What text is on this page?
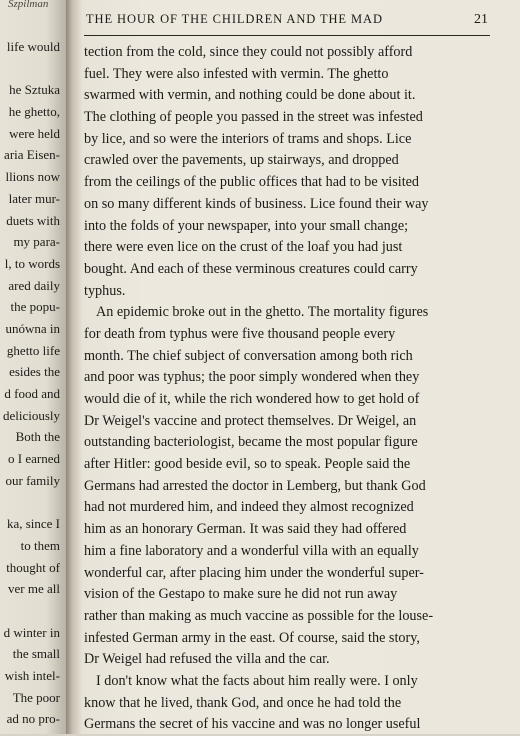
Szpilman
life would
he Sztuka
he ghetto,
were held
aria Eisen-
llions now
later mur-
duets with
my para-
l, to words
ared daily
the popu-
unówna in
ghetto life
esides the
d food and
deliciously
Both the
o I earned
our family
ka, since I
to them
thought of
ver me all
d winter in
the small
wish intel-
The poor
ad no pro-
THE HOUR OF THE CHILDREN AND THE MAD	21
tection from the cold, since they could not possibly afford
fuel. They were also infested with vermin. The ghetto
swarmed with vermin, and nothing could be done about it.
The clothing of people you passed in the street was infested
by lice, and so were the interiors of trams and shops. Lice
crawled over the pavements, up stairways, and dropped
from the ceilings of the public offices that had to be visited
on so many different kinds of business. Lice found their way
into the folds of your newspaper, into your small change;
there were even lice on the crust of the loaf you had just
bought. And each of these verminous creatures could carry
typhus.
An epidemic broke out in the ghetto. The mortality figures
for death from typhus were five thousand people every
month. The chief subject of conversation among both rich
and poor was typhus; the poor simply wondered when they
would die of it, while the rich wondered how to get hold of
Dr Weigel's vaccine and protect themselves. Dr Weigel, an
outstanding bacteriologist, became the most popular figure
after Hitler: good beside evil, so to speak. People said the
Germans had arrested the doctor in Lemberg, but thank God
had not murdered him, and indeed they almost recognized
him as an honorary German. It was said they had offered
him a fine laboratory and a wonderful villa with an equally
wonderful car, after placing him under the wonderful super-
vision of the Gestapo to make sure he did not run away
rather than making as much vaccine as possible for the louse-
infested German army in the east. Of course, said the story,
Dr Weigel had refused the villa and the car.
I don't know what the facts about him really were. I only
know that he lived, thank God, and once he had told the
Germans the secret of his vaccine and was no longer useful
